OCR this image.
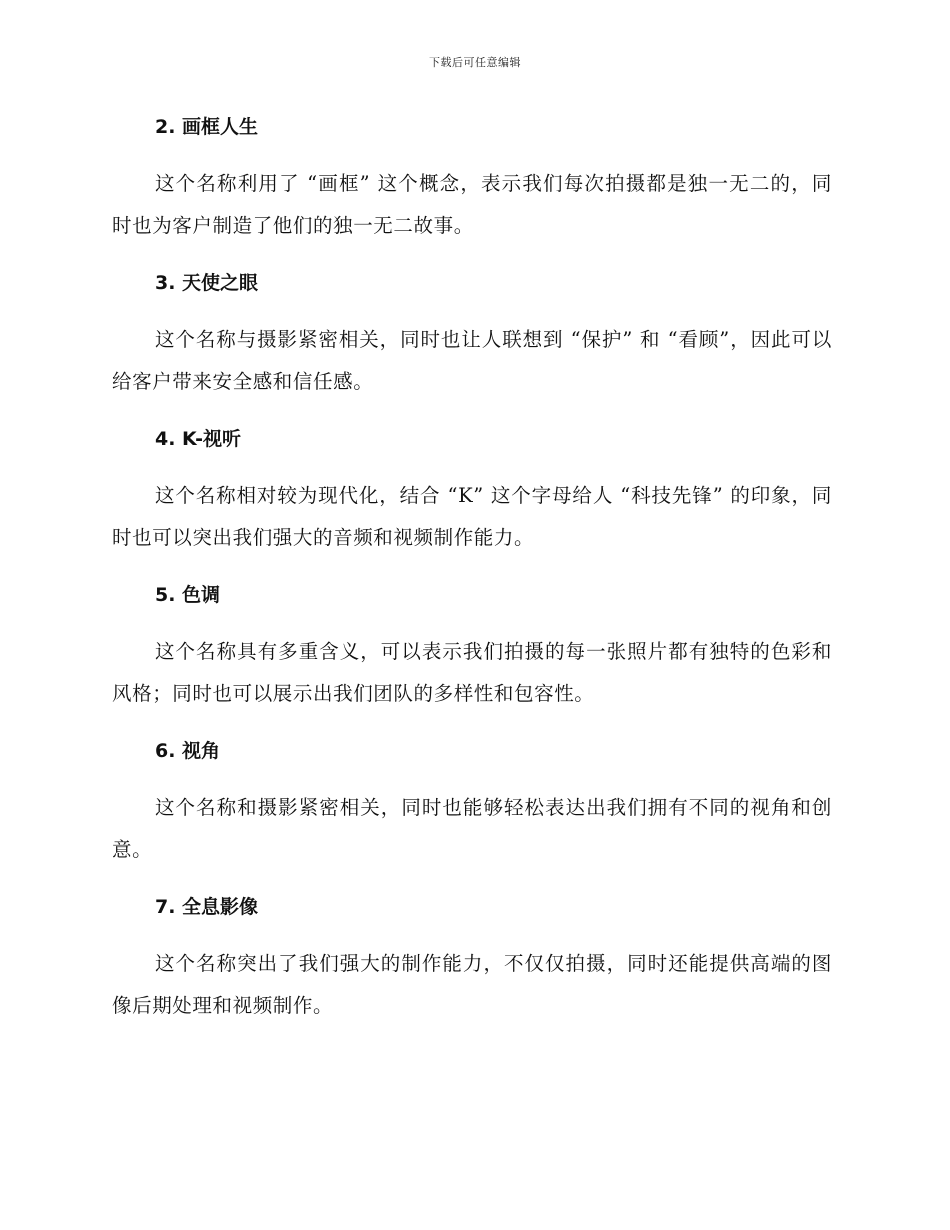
下载后可任意编辑
2. 画框人生

这个名称利用了 “画框” 这个概念，表示我们每次拍摄都是独一无二的，同时也为客户制造了他们的独一无二故事。

3. 天使之眼

这个名称与摄影紧密相关，同时也让人联想到 “保护” 和 “看顾”，因此可以给客户带来安全感和信任感。

4. K-视听

这个名称相对较为现代化，结合 “K” 这个字母给人 “科技先锋” 的印象，同时也可以突出我们强大的音频和视频制作能力。

5. 色调

这个名称具有多重含义，可以表示我们拍摄的每一张照片都有独特的色彩和风格；同时也可以展示出我们团队的多样性和包容性。

6. 视角

这个名称和摄影紧密相关，同时也能够轻松表达出我们拥有不同的视角和创意。

7. 全息影像

这个名称突出了我们强大的制作能力，不仅仅拍摄，同时还能提供高端的图像后期处理和视频制作。
